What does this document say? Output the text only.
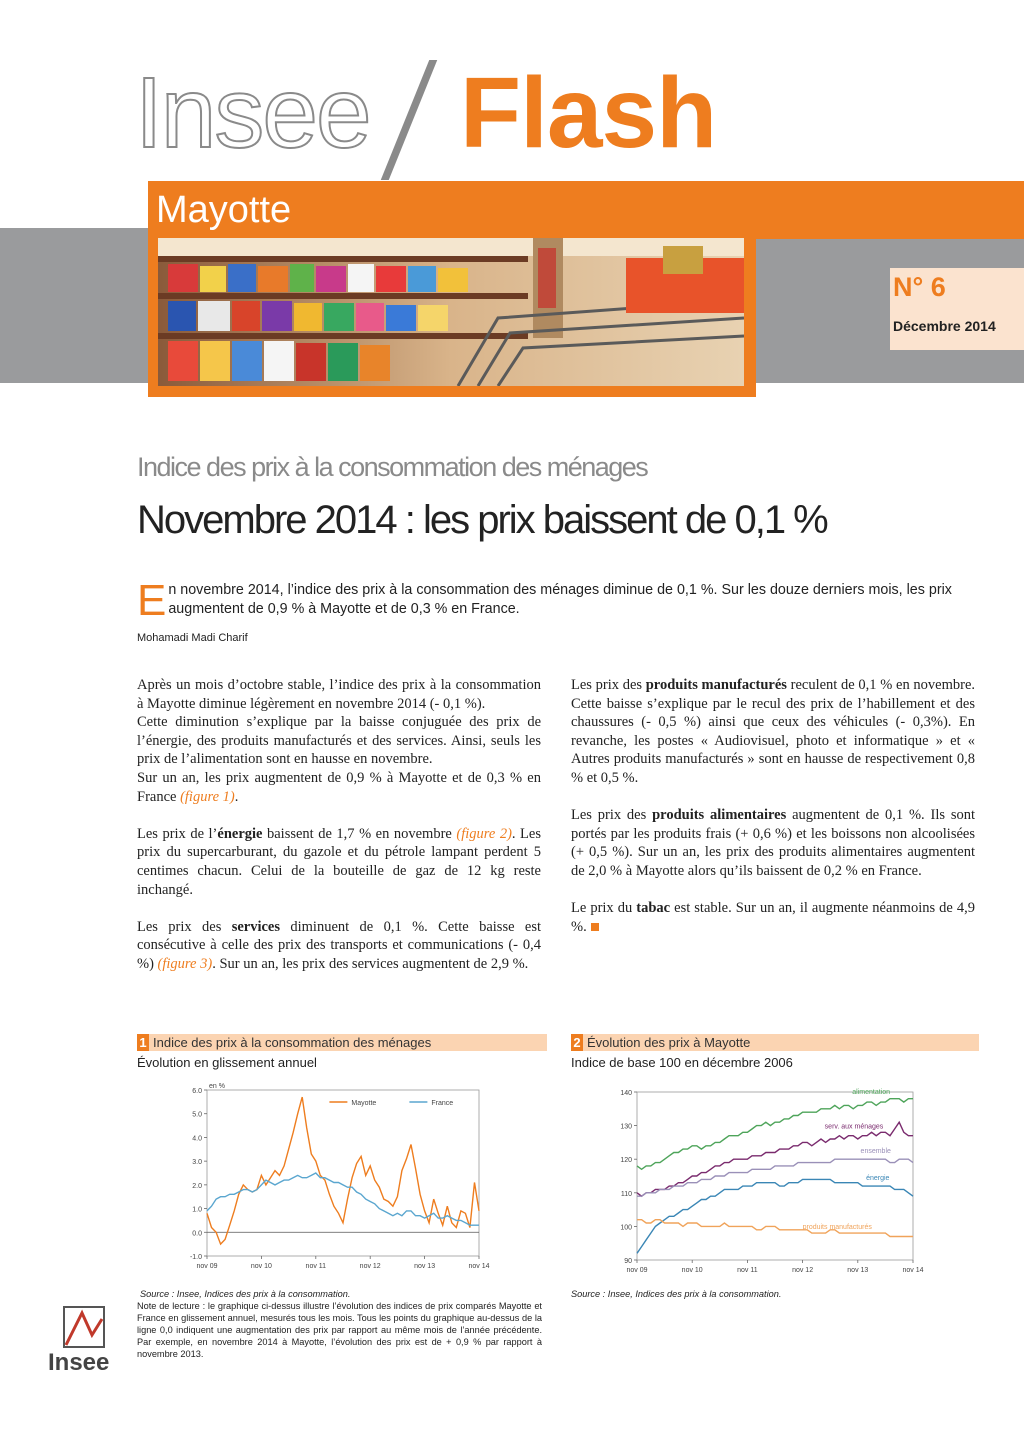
Insee Flash
Mayotte
N° 6
Décembre 2014
Indice des prix à la consommation des ménages
Novembre 2014 : les prix baissent de 0,1 %
En novembre 2014, l’indice des prix à la consommation des ménages diminue de 0,1 %. Sur les douze derniers mois, les prix augmentent de 0,9 % à Mayotte et de 0,3 % en France.
Mohamadi Madi Charif

Après un mois d’octobre stable, l’indice des prix à la consommation à Mayotte diminue légèrement en novembre 2014 (- 0,1 %).

Cette diminution s’explique par la baisse conjuguée des prix de l’énergie, des produits manufacturés et des services. Ainsi, seuls les prix de l’alimentation sont en hausse en novembre.

Sur un an, les prix augmentent de 0,9 % à Mayotte et de 0,3 % en France (figure 1).

Les prix de l’énergie baissent de 1,7 % en novembre (figure 2). Les prix du supercarburant, du gazole et du pétrole lampant perdent 5 centimes chacun. Celui de la bouteille de gaz de 12 kg reste inchangé.

Les prix des services diminuent de 0,1 %. Cette baisse est consécutive à celle des prix des transports et communications (- 0,4 %) (figure 3). Sur un an, les prix des services augmentent de 2,9 %.

Les prix des produits manufacturés reculent de 0,1 % en novembre. Cette baisse s’explique par le recul des prix de l’habillement et des chaussures (- 0,5 %) ainsi que ceux des véhicules (- 0,3%). En revanche, les postes « Audiovisuel, photo et informatique » et « Autres produits manufacturés » sont en hausse de respectivement 0,8 % et 0,5 %.

Les prix des produits alimentaires augmentent de 0,1 %. Ils sont portés par les produits frais (+ 0,6 %) et les boissons non alcoolisées (+ 0,5 %). Sur un an, les prix des produits alimentaires augmentent de 2,0 % à Mayotte alors qu’ils baissent de 0,2 % en France.

Le prix du tabac est stable. Sur un an, il augmente néanmoins de 4,9 %.

1 Indice des prix à la consommation des ménages
Évolution en glissement annuel
6.0
5.0
4.0
3.0
2.0
1.0
0.0
-1.0
nov 09	nov 10	nov 11	nov 12	nov 13	nov 14
en %
Mayotte	France
Source : Insee, Indices des prix à la consommation.
Note de lecture : le graphique ci-dessus illustre l’évolution des indices de prix comparés Mayotte et France en glissement annuel, mesurés tous les mois. Tous les points du graphique au-dessus de la ligne 0,0 indiquent une augmentation des prix par rapport au même mois de l’année précédente. Par exemple, en novembre 2014 à Mayotte, l’évolution des prix est de + 0,9 % par rapport à novembre 2013.
2 Évolution des prix à Mayotte
Indice de base 100 en décembre 2006
140
130
120
110
100
90
nov 09	nov 10	nov 11	nov 12	nov 13	nov 14
alimentation
serv. aux ménages
ensemble
énergie
produits manufacturés
Source : Insee, Indices des prix à la consommation.
Insee
